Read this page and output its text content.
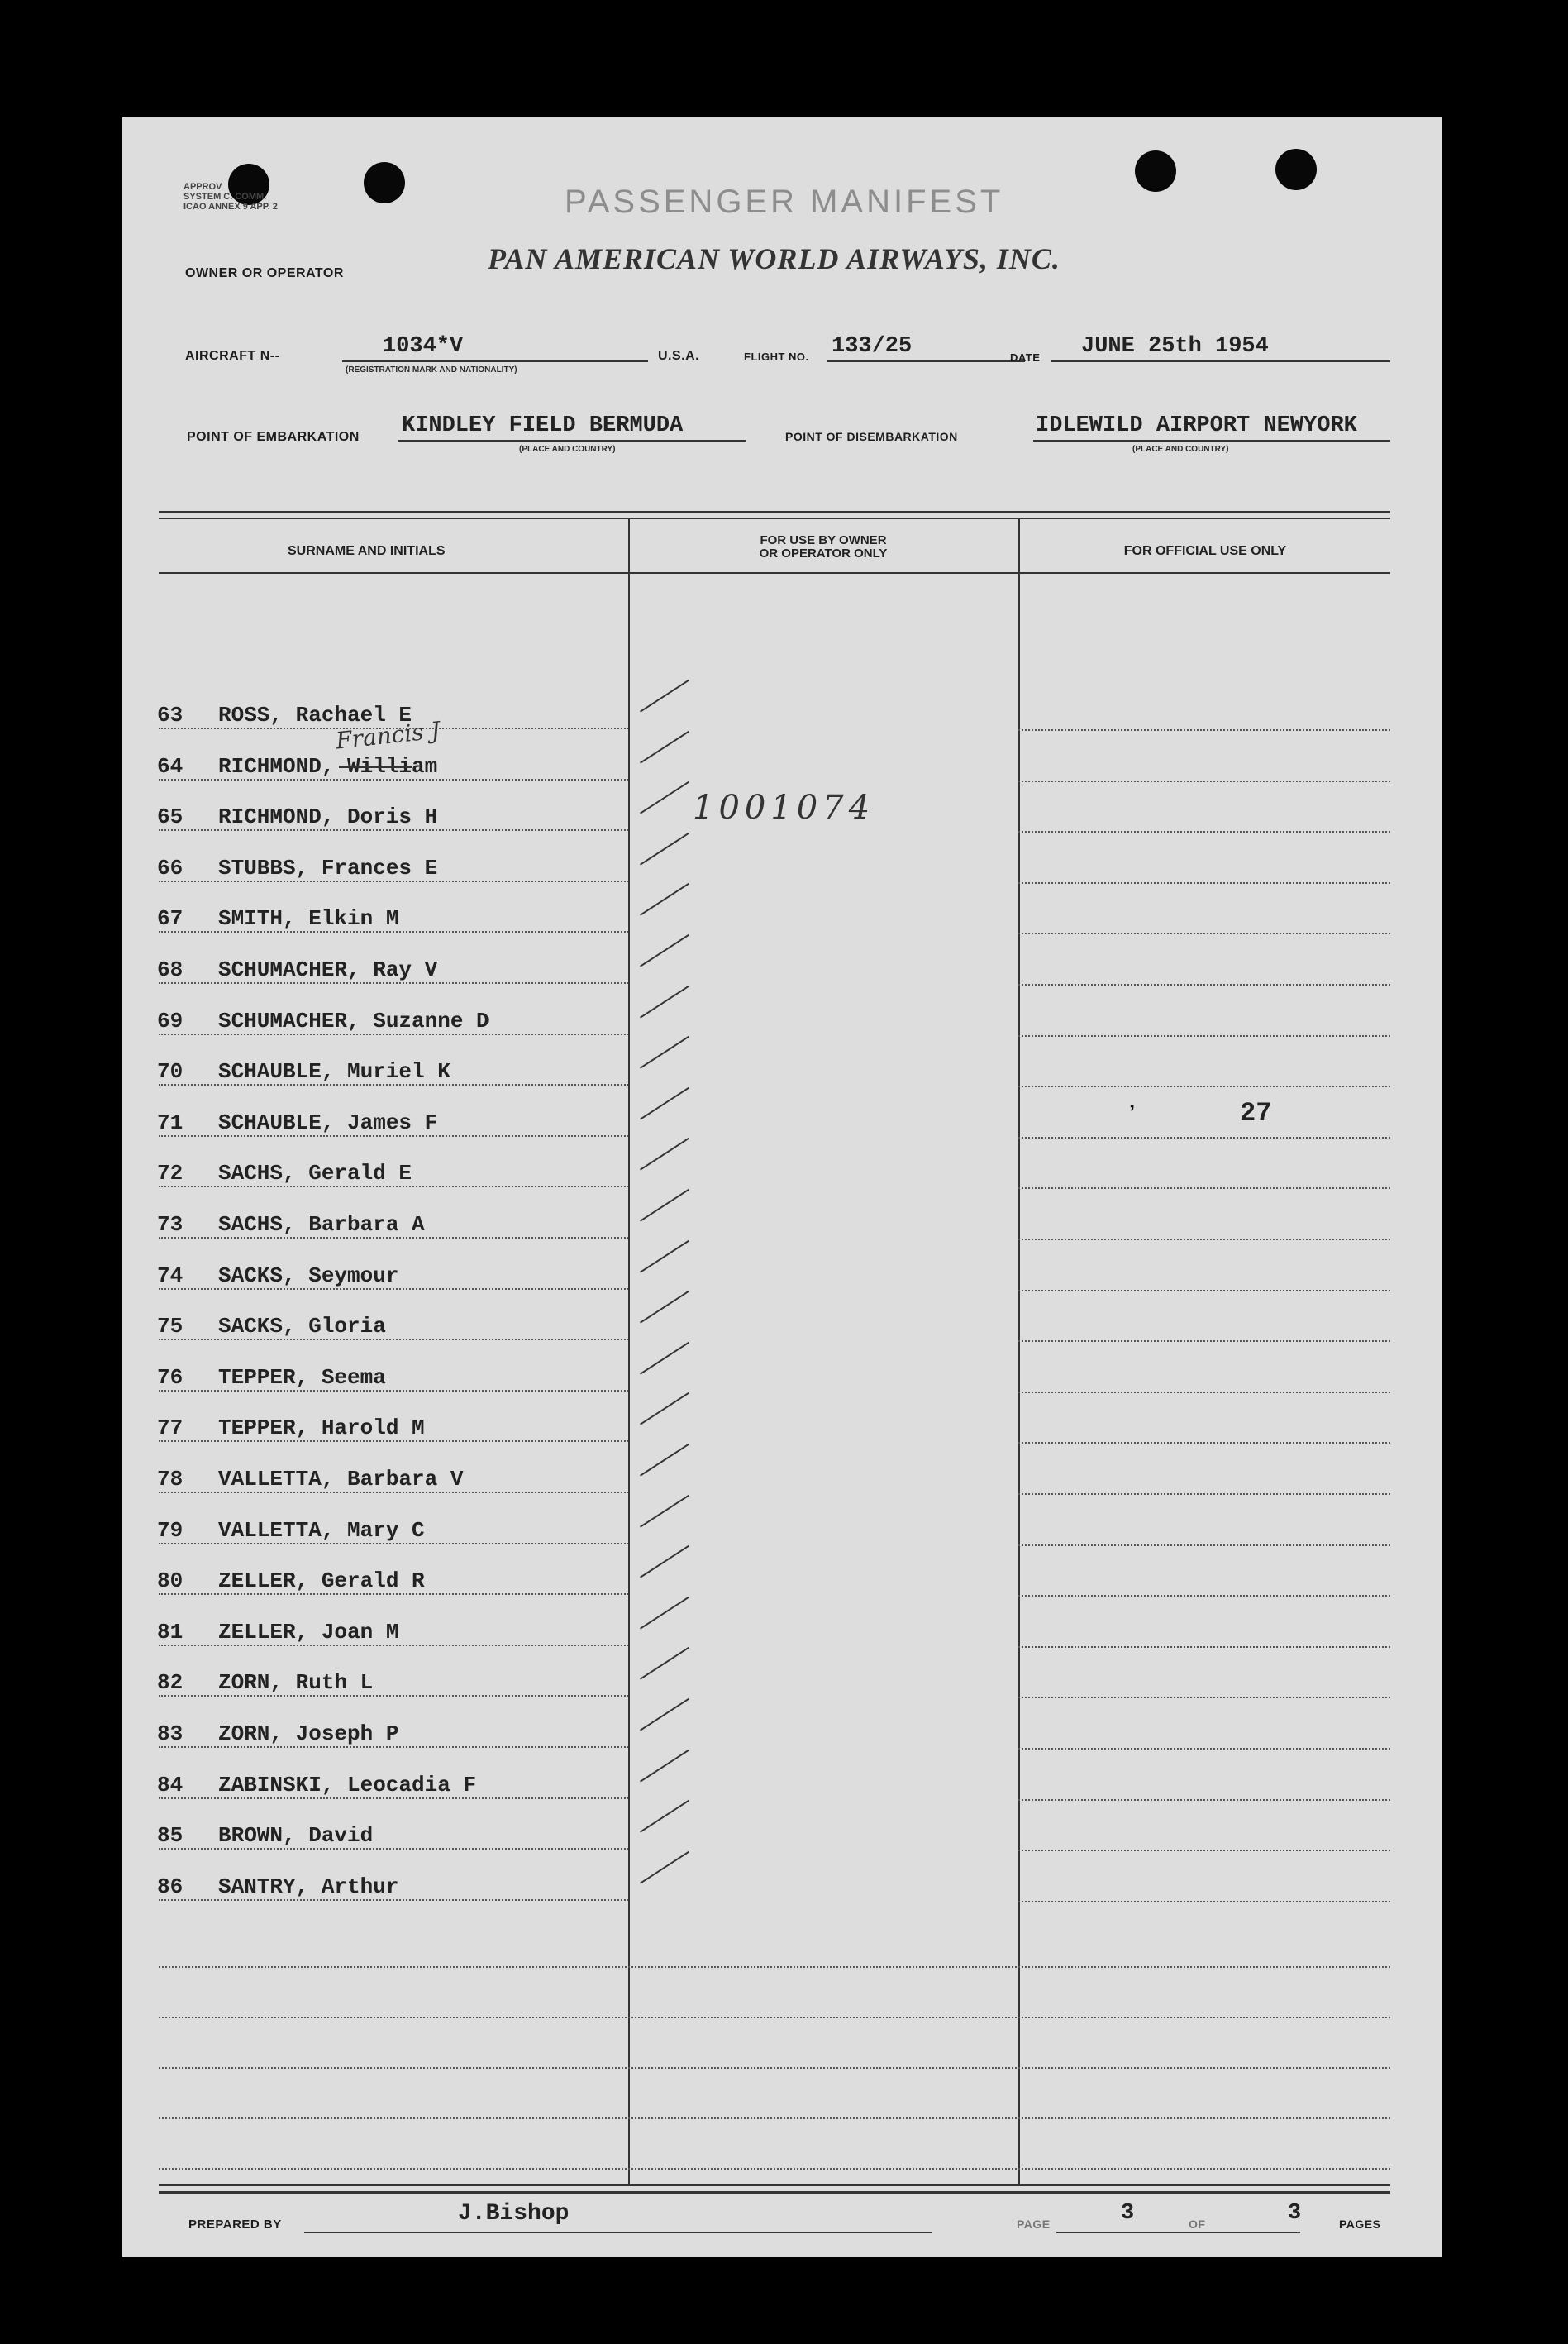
APPROV
SYSTEM C. COMM.
ICAO ANNEX 9 APP. 2	PASSENGER MANIFEST
OWNER OR OPERATOR	PAN AMERICAN WORLD AIRWAYS, INC.
AIRCRAFT N--	1034*V
(REGISTRATION MARK AND NATIONALITY)
U.S.A.	FLIGHT NO. 133/25	DATE JUNE 25th 1954
POINT OF EMBARKATION KINDLEY FIELD BERMUDA
(PLACE AND COUNTRY)
POINT OF DISEMBARKATION	IDLEWILD AIRPORT NEWYORK
(PLACE AND COUNTRY)
SURNAME AND INITIALS
FOR USE BY OWNER
OR OPERATOR ONLY	FOR OFFICIAL USE ONLY
63 ROSS, Rachael E
64 RICHMOND, William
65 RICHMOND, Doris H
66 STUBBS, Frances E
67 SMITH, Elkin M
68 SCHUMACHER, Ray V
69 SCHUMACHER, Suzanne D
70 SCHAUBLE, Muriel K
71 SCHAUBLE, James F
72 SACHS, Gerald E
73 SACHS, Barbara A
74 SACKS, Seymour
75 SACKS, Gloria
76 TEPPER, Seema
77 TEPPER, Harold M
78 VALLETTA, Barbara V
79 VALLETTA, Mary C
80 ZELLER, Gerald R
81 ZELLER, Joan M
82 ZORN, Ruth L
83 ZORN, Joseph P
84 ZABINSKI, Leocadia F
85 BROWN, David
86 SANTRY, Arthur
Francis J
1001074
’	27
PREPARED BY	J.Bishop	PAGE	3	OF	3	PAGES
